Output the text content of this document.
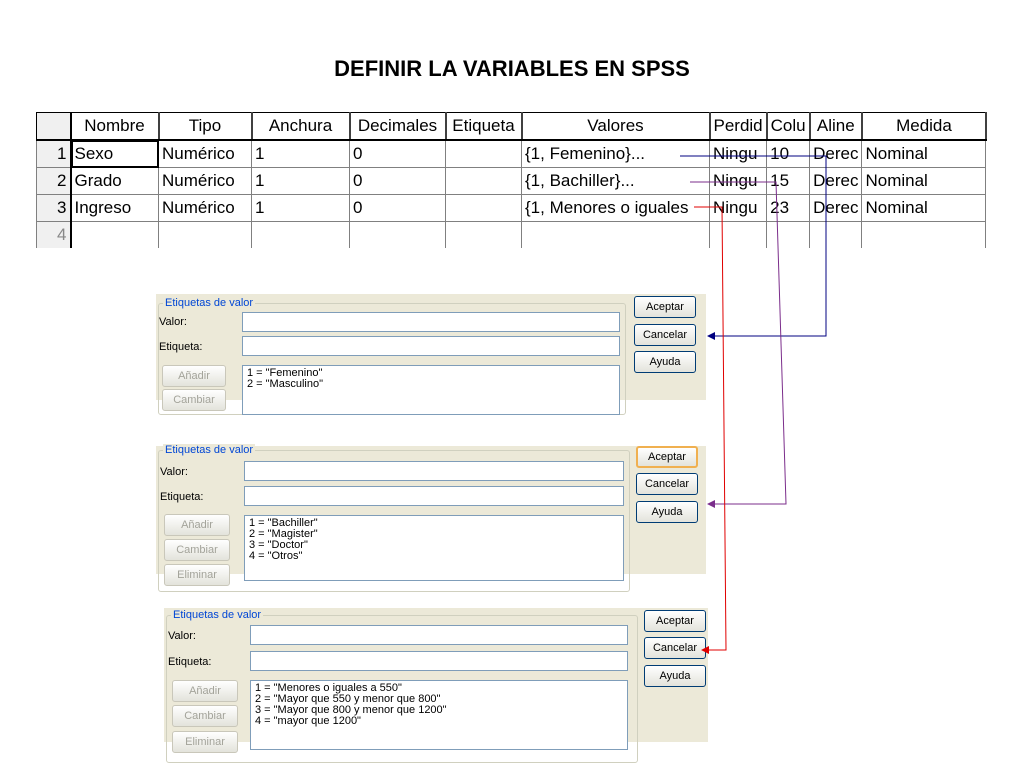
DEFINIR LA VARIABLES EN SPSS
	Nombre	Tipo	Anchura	Decimales	Etiqueta	Valores	Perdid	Colu	Aline	Medida
1	Sexo	Numérico	1	0		{1, Femenino}...	Ningu	10	Derec	Nominal
2	Grado	Numérico	1	0		{1, Bachiller}...	Ningu	15	Derec	Nominal
3	Ingreso	Numérico	1	0		{1, Menores o iguales	Ningu	23	Derec	Nominal
4										
Etiquetas de valor
Valor:
Etiqueta:
Añadir
Cambiar
1 = "Femenino"
2 = "Masculino"
Aceptar
Cancelar
Ayuda
Etiquetas de valor
Valor:
Etiqueta:
Añadir
Cambiar
Eliminar
1 = "Bachiller"
2 = "Magister"
3 = "Doctor"
4 = "Otros"
Aceptar
Cancelar
Ayuda
Etiquetas de valor
Valor:
Etiqueta:
Añadir
Cambiar
Eliminar
1 = "Menores o iguales a 550"
2 = "Mayor que 550 y menor que 800"
3 = "Mayor que 800 y menor que 1200"
4 = "mayor que 1200"
Aceptar
Cancelar
Ayuda
